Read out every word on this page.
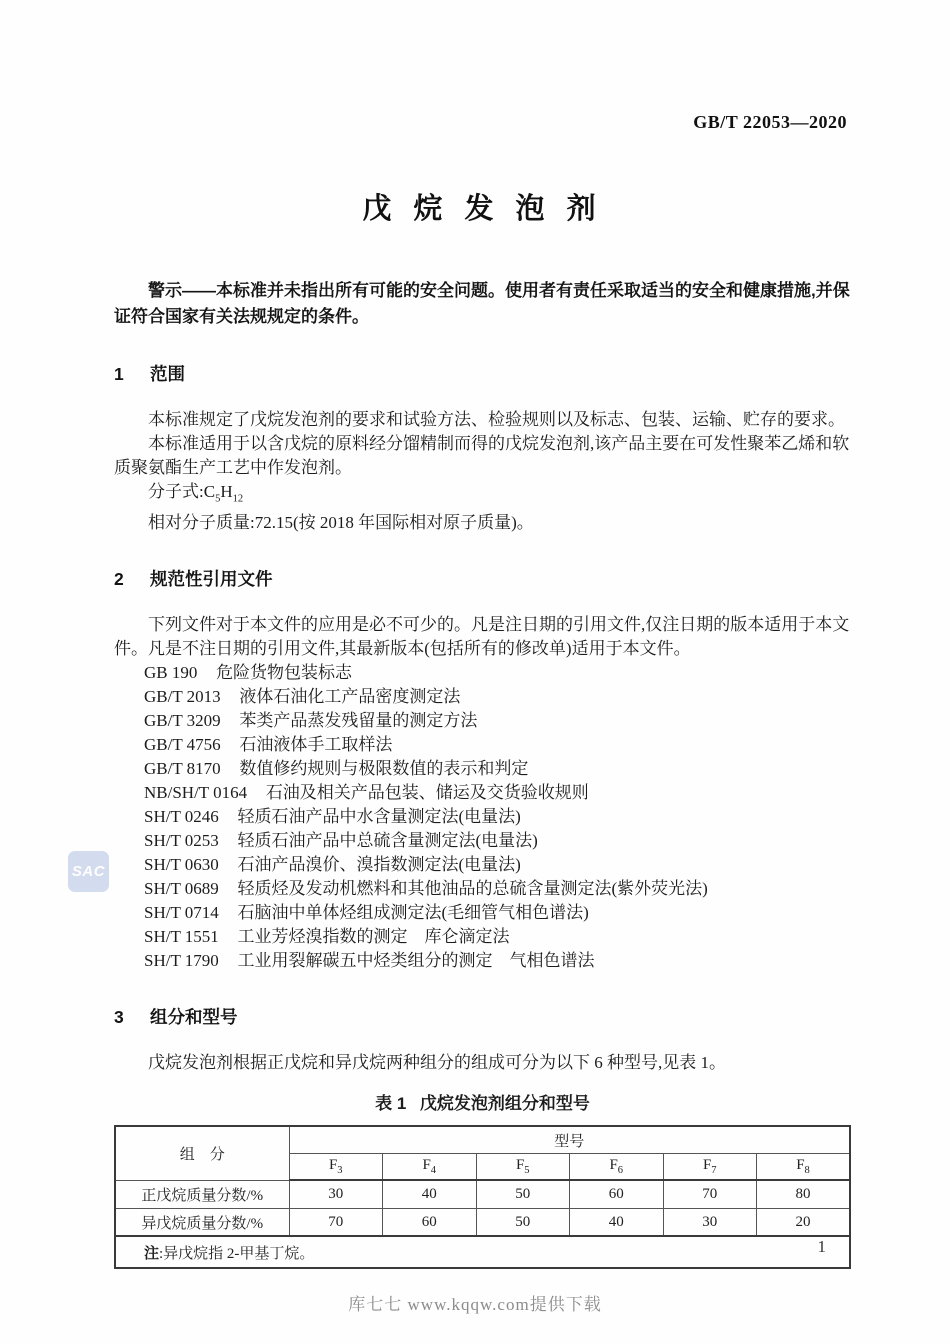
GB/T 22053—2020
SAC
戊 烷 发 泡 剂

警示——本标准并未指出所有可能的安全问题。使用者有责任采取适当的安全和健康措施,并保证符合国家有关法规规定的条件。

1 范围

本标准规定了戊烷发泡剂的要求和试验方法、检验规则以及标志、包装、运输、贮存的要求。

本标准适用于以含戊烷的原料经分馏精制而得的戊烷发泡剂,该产品主要在可发性聚苯乙烯和软质聚氨酯生产工艺中作发泡剂。

分子式$:C_5H_{12}$

相对分子质量:72.15(按 2018 年国际相对原子质量)。

2 规范性引用文件

下列文件对于本文件的应用是必不可少的。凡是注日期的引用文件,仅注日期的版本适用于本文件。凡是不注日期的引用文件,其最新版本(包括所有的修改单)适用于本文件。

GB 190 危险货物包装标志
GB/T 2013 液体石油化工产品密度测定法
GB/T 3209 苯类产品蒸发残留量的测定方法
GB/T 4756 石油液体手工取样法
GB/T 8170 数值修约规则与极限数值的表示和判定
NB/SH/T 0164 石油及相关产品包装、储运及交货验收规则
SH/T 0246 轻质石油产品中水含量测定法(电量法)
SH/T 0253 轻质石油产品中总硫含量测定法(电量法)
SH/T 0630 石油产品溴价、溴指数测定法(电量法)
SH/T 0689 轻质烃及发动机燃料和其他油品的总硫含量测定法(紫外荧光法)
SH/T 0714 石脑油中单体烃组成测定法(毛细管气相色谱法)
SH/T 1551 工业芳烃溴指数的测定　库仑滴定法
SH/T 1790 工业用裂解碳五中烃类组分的测定　气相色谱法
3 组分和型号

戊烷发泡剂根据正戊烷和异戊烷两种组分的组成可分为以下 6 种型号,见表 1。

表 1 戊烷发泡剂组分和型号

组　分	型号					
	$F_3$	$F_4$	$F_5$	$F_6$	$F_7$	$F_8$
正戊烷质量分数/%	30	40	50	60	70	80
异戊烷质量分数/%	70	60	50	40	30	20
注:异戊烷指 2-甲基丁烷。							1
库七七 www.kqqw.com提供下载
